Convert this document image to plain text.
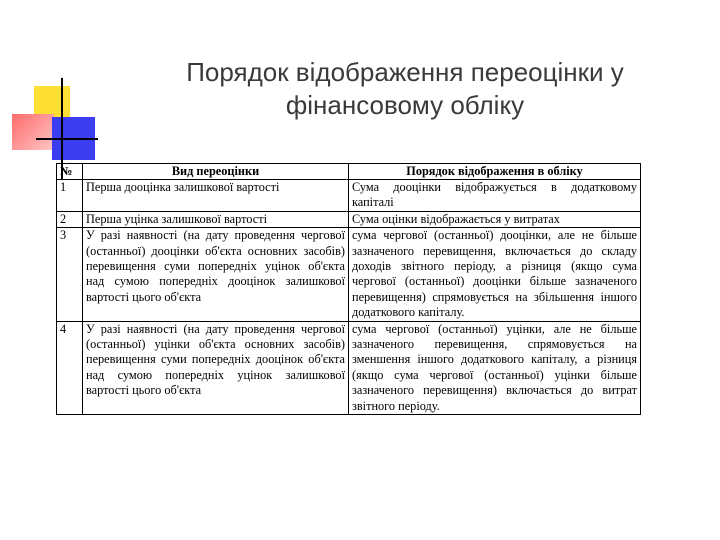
Порядок відображення переоцінки у
фінансовому обліку
№	Вид переоцінки	Порядок відображення в обліку
1	Перша дооцінка залишкової вартості	Сума дооцінки відображується в додатковому капіталі
2	Перша уцінка залишкової вартості	Сума оцінки відображається у витратах
3	У разі наявності (на дату проведення чергової (останньої) дооцінки об'єкта основних засобів) перевищення суми попередніх уцінок об'єкта над сумою попередніх дооцінок залишкової вартості цього об'єкта	сума чергової (останньої) дооцінки, але не більше зазначеного перевищення, включається до складу доходів звітного періоду, а різниця (якщо сума чергової (останньої) дооцінки більше зазначеного перевищення) спрямовується на збільшення іншого додаткового капіталу.
4	У разі наявності (на дату проведення чергової (останньої) уцінки об'єкта основних засобів) перевищення суми попередніх дооцінок об'єкта над сумою попередніх уцінок залишкової вартості цього об'єкта	сума чергової (останньої) уцінки, але не більше зазначеного перевищення, спрямовується на зменшення іншого додаткового капіталу, а різниця (якщо сума чергової (останньої) уцінки більше зазначеного перевищення) включається до витрат звітного періоду.
